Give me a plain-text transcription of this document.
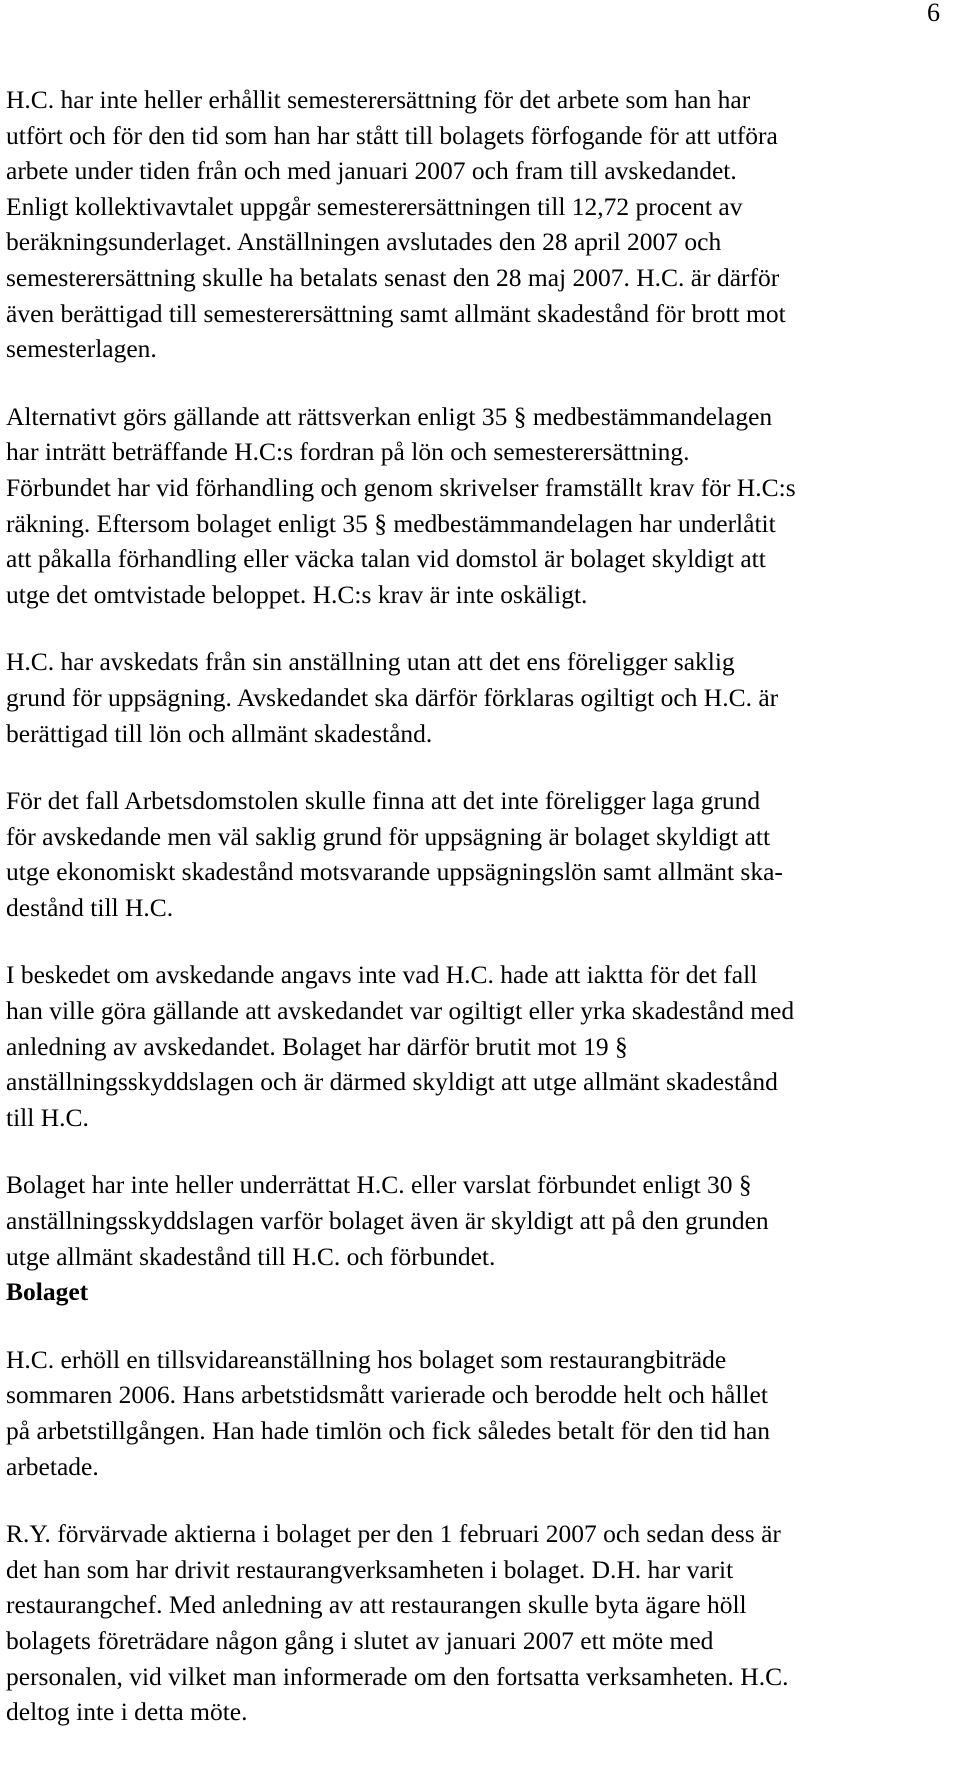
6

H.C. har inte heller erhållit semesterersättning för det arbete som han har
utfört och för den tid som han har stått till bolagets förfogande för att utföra
arbete under tiden från och med januari 2007 och fram till avskedandet.
Enligt kollektivavtalet uppgår semesterersättningen till 12,72 procent av
beräkningsunderlaget. Anställningen avslutades den 28 april 2007 och
semesterersättning skulle ha betalats senast den 28 maj 2007. H.C. är därför
även berättigad till semesterersättning samt allmänt skadestånd för brott mot
semesterlagen.

Alternativt görs gällande att rättsverkan enligt 35 § medbestämmandelagen
har inträtt beträffande H.C:s fordran på lön och semesterersättning.
Förbundet har vid förhandling och genom skrivelser framställt krav för H.C:s
räkning. Eftersom bolaget enligt 35 § medbestämmandelagen har underlåtit
att påkalla förhandling eller väcka talan vid domstol är bolaget skyldigt att
utge det omtvistade beloppet. H.C:s krav är inte oskäligt.

H.C. har avskedats från sin anställning utan att det ens föreligger saklig
grund för uppsägning. Avskedandet ska därför förklaras ogiltigt och H.C. är
berättigad till lön och allmänt skadestånd.

För det fall Arbetsdomstolen skulle finna att det inte föreligger laga grund
för avskedande men väl saklig grund för uppsägning är bolaget skyldigt att
utge ekonomiskt skadestånd motsvarande uppsägningslön samt allmänt ska-
destånd till H.C.

I beskedet om avskedande angavs inte vad H.C. hade att iaktta för det fall
han ville göra gällande att avskedandet var ogiltigt eller yrka skadestånd med
anledning av avskedandet. Bolaget har därför brutit mot 19 §
anställningsskyddslagen och är därmed skyldigt att utge allmänt skadestånd
till H.C.

Bolaget har inte heller underrättat H.C. eller varslat förbundet enligt 30 §
anställningsskyddslagen varför bolaget även är skyldigt att på den grunden
utge allmänt skadestånd till H.C. och förbundet.

Bolaget

H.C. erhöll en tillsvidareanställning hos bolaget som restaurangbiträde
sommaren 2006. Hans arbetstidsmått varierade och berodde helt och hållet
på arbetstillgången. Han hade timlön och fick således betalt för den tid han
arbetade.

R.Y. förvärvade aktierna i bolaget per den 1 februari 2007 och sedan dess är
det han som har drivit restaurangverksamheten i bolaget. D.H. har varit
restaurangchef. Med anledning av att restaurangen skulle byta ägare höll
bolagets företrädare någon gång i slutet av januari 2007 ett möte med
personalen, vid vilket man informerade om den fortsatta verksamheten. H.C.
deltog inte i detta möte.
